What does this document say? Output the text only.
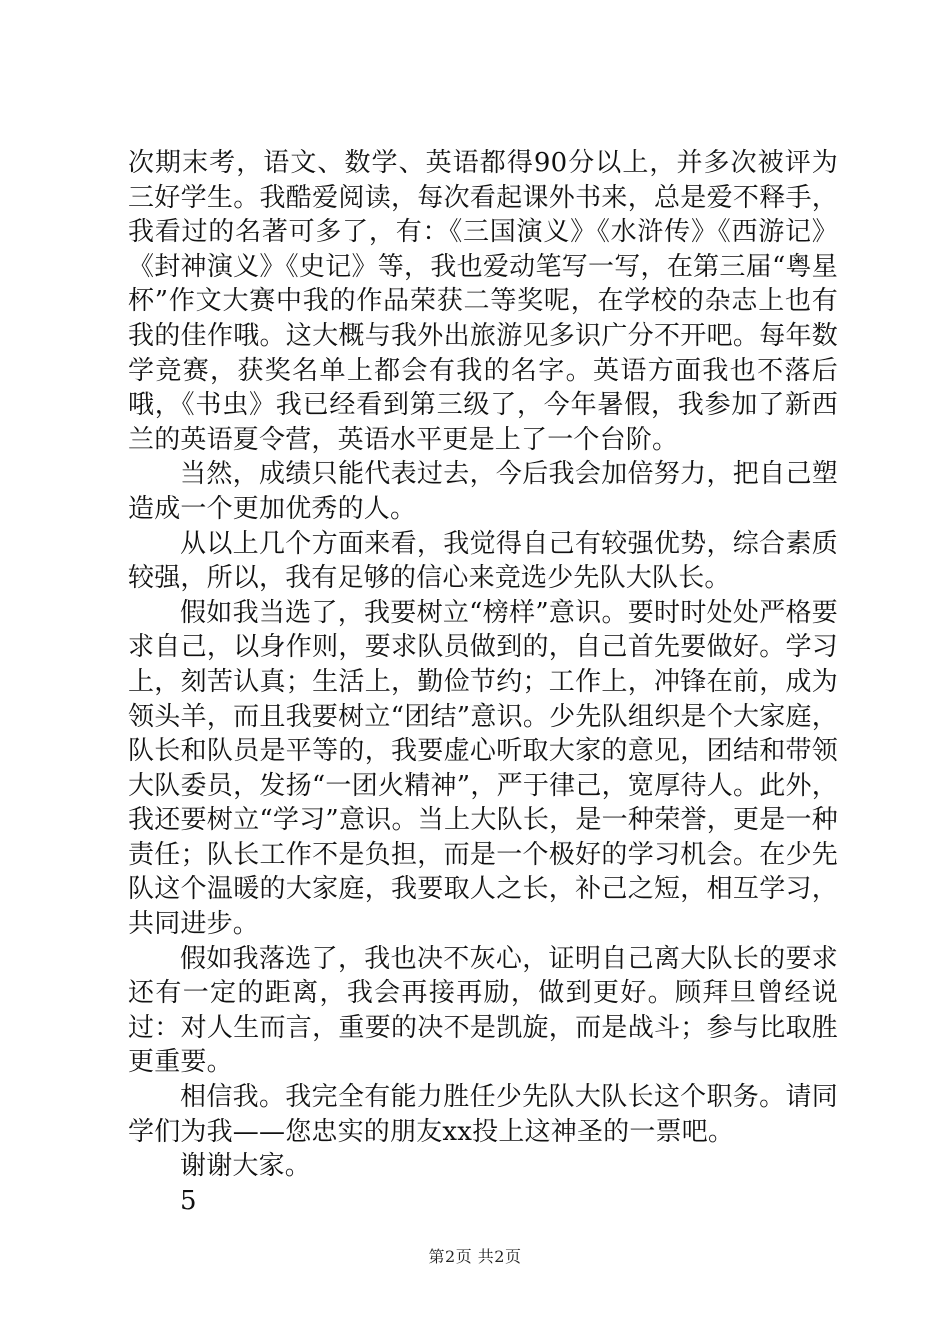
次期末考，语文、数学、英语都得90分以上，并多次被评为三好学生。我酷爱阅读，每次看起课外书来，总是爱不释手，我看过的名著可多了，有：《三国演义》《水浒传》《西游记》《封神演义》《史记》等，我也爱动笔写一写，在第三届“粤星杯”作文大赛中我的作品荣获二等奖呢，在学校的杂志上也有我的佳作哦。这大概与我外出旅游见多识广分不开吧。每年数学竞赛，获奖名单上都会有我的名字。英语方面我也不落后哦，《书虫》我已经看到第三级了，今年暑假，我参加了新西兰的英语夏令营，英语水平更是上了一个台阶。

当然，成绩只能代表过去，今后我会加倍努力，把自己塑造成一个更加优秀的人。

从以上几个方面来看，我觉得自己有较强优势，综合素质较强，所以，我有足够的信心来竞选少先队大队长。

假如我当选了，我要树立“榜样”意识。要时时处处严格要求自己，以身作则，要求队员做到的，自己首先要做好。学习上，刻苦认真；生活上，勤俭节约；工作上，冲锋在前，成为领头羊，而且我要树立“团结”意识。少先队组织是个大家庭，队长和队员是平等的，我要虚心听取大家的意见，团结和带领大队委员，发扬“一团火精神”，严于律己，宽厚待人。此外，我还要树立“学习”意识。当上大队长，是一种荣誉，更是一种责任；队长工作不是负担，而是一个极好的学习机会。在少先队这个温暖的大家庭，我要取人之长，补己之短，相互学习，共同进步。

假如我落选了，我也决不灰心，证明自己离大队长的要求还有一定的距离，我会再接再励，做到更好。顾拜旦曾经说过：对人生而言，重要的决不是凯旋，而是战斗；参与比取胜更重要。

相信我。我完全有能力胜任少先队大队长这个职务。请同学们为我——您忠实的朋友xx投上这神圣的一票吧。

谢谢大家。

5

第2页 共2页
